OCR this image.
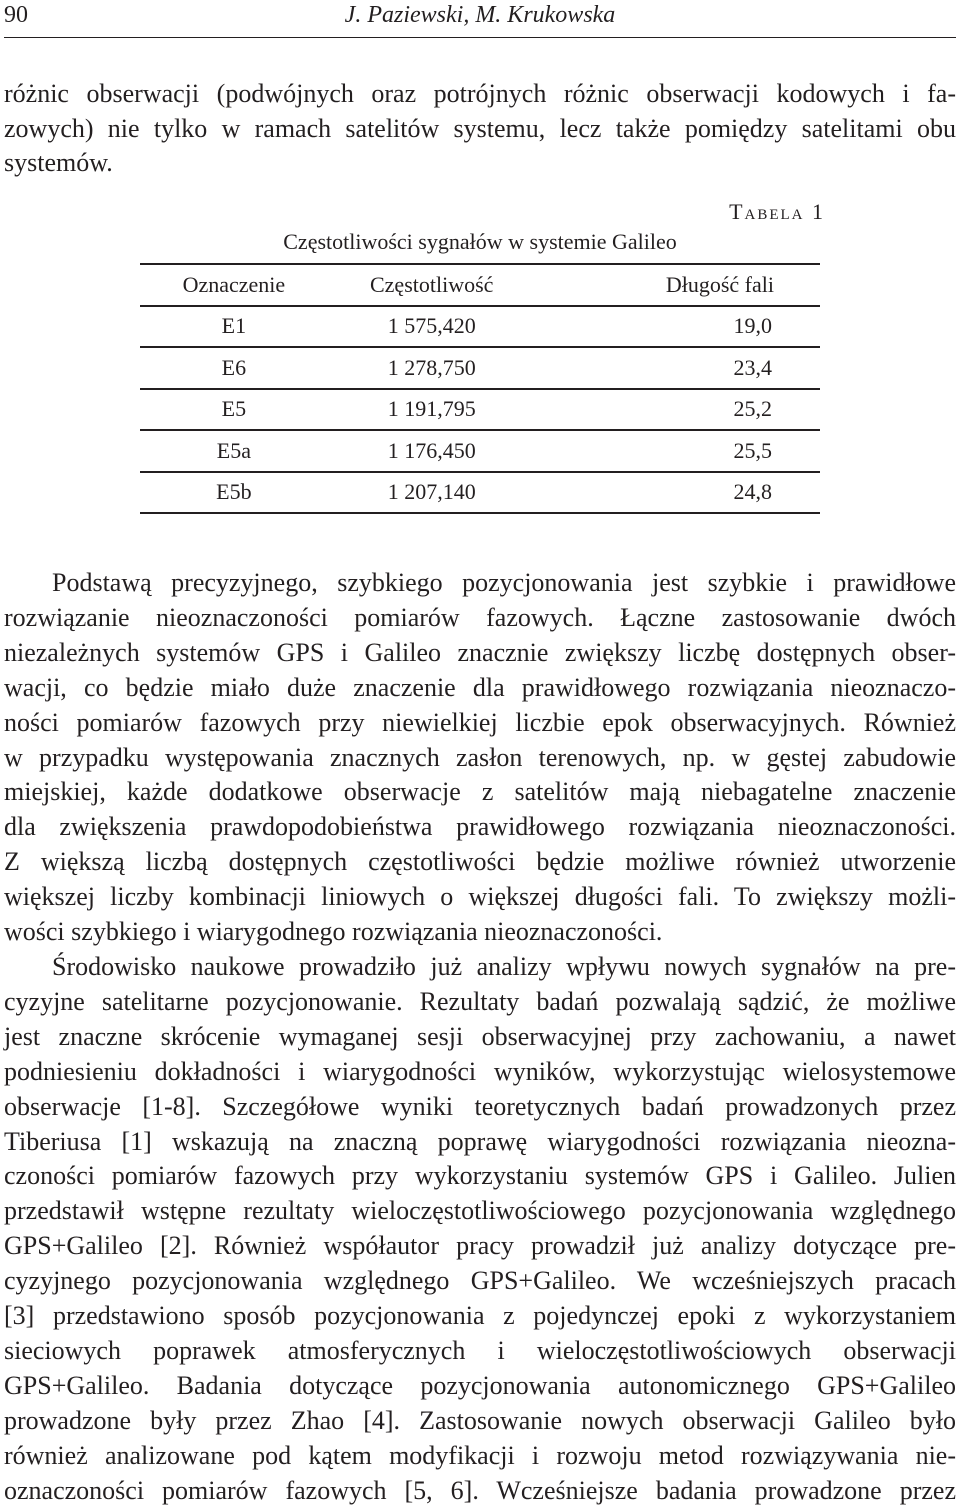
90	J. Paziewski, M. Krukowska
różnic obserwacji (podwójnych oraz potrójnych różnic obserwacji kodowych i fa-
zowych) nie tylko w ramach satelitów systemu, lecz także pomiędzy satelitami obu
systemów.
Tabela 1
Częstotliwości sygnałów w systemie Galileo
Oznaczenie	Częstotliwość	Długość fali
E1	1 575,420	19,0
E6	1 278,750	23,4
E5	1 191,795	25,2
E5a	1 176,450	25,5
E5b	1 207,140	24,8
Podstawą precyzyjnego, szybkiego pozycjonowania jest szybkie i prawidłowe
rozwiązanie nieoznaczoności pomiarów fazowych. Łączne zastosowanie dwóch
niezależnych systemów GPS i Galileo znacznie zwiększy liczbę dostępnych obser-
wacji, co będzie miało duże znaczenie dla prawidłowego rozwiązania nieoznaczo-
ności pomiarów fazowych przy niewielkiej liczbie epok obserwacyjnych. Również
w przypadku występowania znacznych zasłon terenowych, np. w gęstej zabudowie
miejskiej, każde dodatkowe obserwacje z satelitów mają niebagatelne znaczenie
dla zwiększenia prawdopodobieństwa prawidłowego rozwiązania nieoznaczoności.
Z większą liczbą dostępnych częstotliwości będzie możliwe również utworzenie
większej liczby kombinacji liniowych o większej długości fali. To zwiększy możli-
wości szybkiego i wiarygodnego rozwiązania nieoznaczoności.
Środowisko naukowe prowadziło już analizy wpływu nowych sygnałów na pre-
cyzyjne satelitarne pozycjonowanie. Rezultaty badań pozwalają sądzić, że możliwe
jest znaczne skrócenie wymaganej sesji obserwacyjnej przy zachowaniu, a nawet
podniesieniu dokładności i wiarygodności wyników, wykorzystując wielosystemowe
obserwacje [1-8]. Szczegółowe wyniki teoretycznych badań prowadzonych przez
Tiberiusa [1] wskazują na znaczną poprawę wiarygodności rozwiązania nieozna-
czoności pomiarów fazowych przy wykorzystaniu systemów GPS i Galileo. Julien
przedstawił wstępne rezultaty wieloczęstotliwościowego pozycjonowania względnego
GPS+Galileo [2]. Również współautor pracy prowadził już analizy dotyczące pre-
cyzyjnego pozycjonowania względnego GPS+Galileo. We wcześniejszych pracach
[3] przedstawiono sposób pozycjonowania z pojedynczej epoki z wykorzystaniem
sieciowych poprawek atmosferycznych i wieloczęstotliwościowych obserwacji
GPS+Galileo. Badania dotyczące pozycjonowania autonomicznego GPS+Galileo
prowadzone były przez Zhao [4]. Zastosowanie nowych obserwacji Galileo było
również analizowane pod kątem modyfikacji i rozwoju metod rozwiązywania nie-
oznaczoności pomiarów fazowych [5, 6]. Wcześniejsze badania prowadzone przez
